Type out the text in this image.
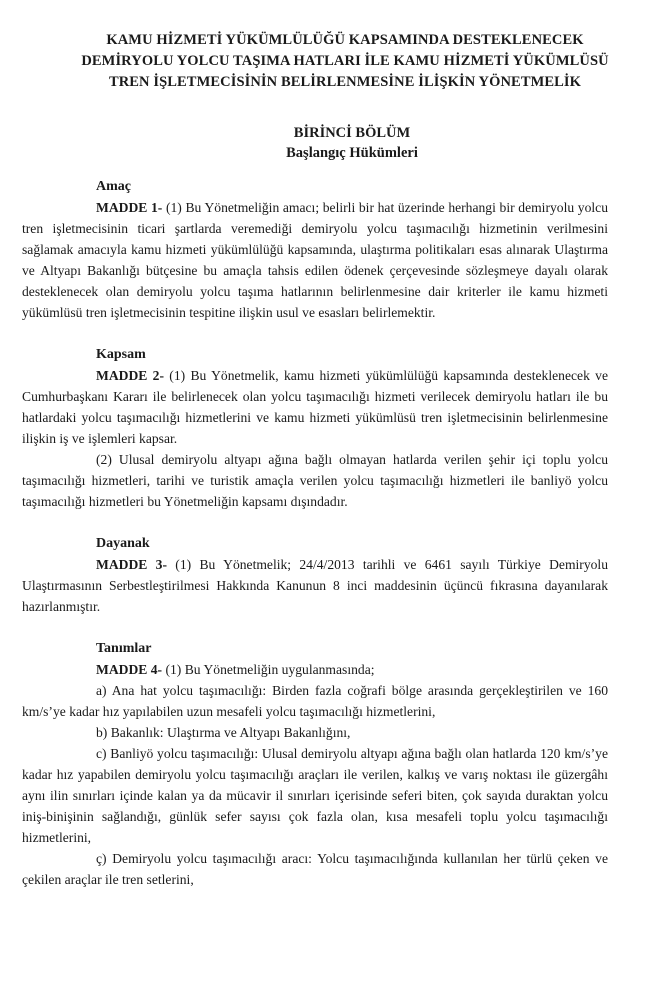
KAMU HİZMETİ YÜKÜMLÜLÜĞÜ KAPSAMINDA DESTEKLENECEK
DEMİRYOLU YOLCU TAŞIMA HATLARI İLE KAMU HİZMETİ YÜKÜMLÜSÜ
TREN İŞLETMECİSİNİN BELİRLENMESİNE İLİŞKİN YÖNETMELİK
BİRİNCİ BÖLÜM
Başlangıç Hükümleri
Amaç

MADDE 1- (1) Bu Yönetmeliğin amacı; belirli bir hat üzerinde herhangi bir demiryolu yolcu tren işletmecisinin ticari şartlarda veremediği demiryolu yolcu taşımacılığı hizmetinin verilmesini sağlamak amacıyla kamu hizmeti yükümlülüğü kapsamında, ulaştırma politikaları esas alınarak Ulaştırma ve Altyapı Bakanlığı bütçesine bu amaçla tahsis edilen ödenek çerçevesinde sözleşmeye dayalı olarak desteklenecek olan demiryolu yolcu taşıma hatlarının belirlenmesine dair kriterler ile kamu hizmeti yükümlüsü tren işletmecisinin tespitine ilişkin usul ve esasları belirlemektir.

Kapsam

MADDE 2- (1) Bu Yönetmelik, kamu hizmeti yükümlülüğü kapsamında desteklenecek ve Cumhurbaşkanı Kararı ile belirlenecek olan yolcu taşımacılığı hizmeti verilecek demiryolu hatları ile bu hatlardaki yolcu taşımacılığı hizmetlerini ve kamu hizmeti yükümlüsü tren işletmecisinin belirlenmesine ilişkin iş ve işlemleri kapsar.

(2) Ulusal demiryolu altyapı ağına bağlı olmayan hatlarda verilen şehir içi toplu yolcu taşımacılığı hizmetleri, tarihi ve turistik amaçla verilen yolcu taşımacılığı hizmetleri ile banliyö yolcu taşımacılığı hizmetleri bu Yönetmeliğin kapsamı dışındadır.

Dayanak

MADDE 3- (1) Bu Yönetmelik; 24/4/2013 tarihli ve 6461 sayılı Türkiye Demiryolu Ulaştırmasının Serbestleştirilmesi Hakkında Kanunun 8 inci maddesinin üçüncü fıkrasına dayanılarak hazırlanmıştır.

Tanımlar

MADDE 4- (1) Bu Yönetmeliğin uygulanmasında;

a) Ana hat yolcu taşımacılığı: Birden fazla coğrafi bölge arasında gerçekleştirilen ve 160 km/s’ye kadar hız yapılabilen uzun mesafeli yolcu taşımacılığı hizmetlerini,

b) Bakanlık: Ulaştırma ve Altyapı Bakanlığını,

c) Banliyö yolcu taşımacılığı: Ulusal demiryolu altyapı ağına bağlı olan hatlarda 120 km/s’ye kadar hız yapabilen demiryolu yolcu taşımacılığı araçları ile verilen, kalkış ve varış noktası ile güzergâhı aynı ilin sınırları içinde kalan ya da mücavir il sınırları içerisinde seferi biten, çok sayıda duraktan yolcu iniş-binişinin sağlandığı, günlük sefer sayısı çok fazla olan, kısa mesafeli toplu yolcu taşımacılığı hizmetlerini,

ç) Demiryolu yolcu taşımacılığı aracı: Yolcu taşımacılığında kullanılan her türlü çeken ve çekilen araçlar ile tren setlerini,
